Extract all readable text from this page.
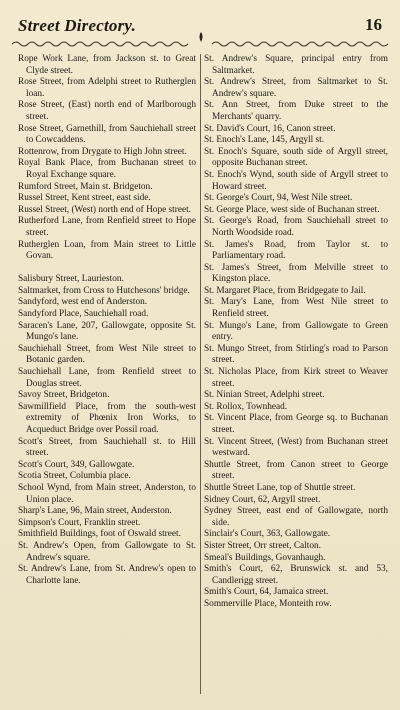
Street Directory.	16

Rope Work Lane, from Jackson st. to Great Clyde street.

Rose Street, from Adelphi street to Rutherglen loan.

Rose Street, (East) north end of Marlborough street.

Rose Street, Garnethill, from Sauchiehall street to Cowcaddens.

Rottenrow, from Drygate to High John street.

Royal Bank Place, from Buchanan street to Royal Exchange square.

Rumford Street, Main st. Bridgeton.

Russel Street, Kent street, east side.

Russel Street, (West) north end of Hope street.

Rutherford Lane, from Renfield street to Hope street.

Rutherglen Loan, from Main street to Little Govan.

Salisbury Street, Laurieston.

Saltmarket, from Cross to Hutchesons' bridge.

Sandyford, west end of Anderston.

Sandyford Place, Sauchiehall road.

Saracen's Lane, 207, Gallowgate, opposite St. Mungo's lane.

Sauchiehall Street, from West Nile street to Botanic garden.

Sauchiehall Lane, from Renfield street to Douglas street.

Savoy Street, Bridgeton.

Sawmillfield Place, from the south-west extremity of Phœnix Iron Works, to Acqueduct Bridge over Possil road.

Scott's Street, from Sauchiehall st. to Hill street.

Scott's Court, 349, Gallowgate.

Scotia Street, Columbia place.

School Wynd, from Main street, Anderston, to Union place.

Sharp's Lane, 96, Main street, Anderston.

Simpson's Court, Franklin street.

Smithfield Buildings, foot of Oswald street.

St. Andrew's Open, from Gallowgate to St. Andrew's square.

St. Andrew's Lane, from St. Andrew's open to Charlotte lane.

St. Andrew's Square, principal entry from Saltmarket.

St. Andrew's Street, from Saltmarket to St. Andrew's square.

St. Ann Street, from Duke street to the Merchants' quarry.

St. David's Court, 16, Canon street.

St. Enoch's Lane, 145, Argyll st.

St. Enoch's Square, south side of Argyll street, opposite Buchanan street.

St. Enoch's Wynd, south side of Argyll street to Howard street.

St. George's Court, 94, West Nile street.

St. George Place, west side of Buchanan street.

St. George's Road, from Sauchiehall street to North Woodside road.

St. James's Road, from Taylor st. to Parliamentary road.

St. James's Street, from Melville street to Kingston place.

St. Margaret Place, from Bridgegate to Jail.

St. Mary's Lane, from West Nile street to Renfield street.

St. Mungo's Lane, from Gallowgate to Green entry.

St. Mungo Street, from Stirling's road to Parson street.

St. Nicholas Place, from Kirk street to Weaver street.

St. Ninian Street, Adelphi street.

St. Rollox, Townhead.

St. Vincent Place, from George sq. to Buchanan street.

St. Vincent Street, (West) from Buchanan street westward.

Shuttle Street, from Canon street to George street.

Shuttle Street Lane, top of Shuttle street.

Sidney Court, 62, Argyll street.

Sydney Street, east end of Gallowgate, north side.

Sinclair's Court, 363, Gallowgate.

Sister Street, Orr street, Calton.

Smeal's Buildings, Govanhaugh.

Smith's Court, 62, Brunswick st. and 53, Candlerigg street.

Smith's Court, 64, Jamaica street.

Sommerville Place, Monteith row.
